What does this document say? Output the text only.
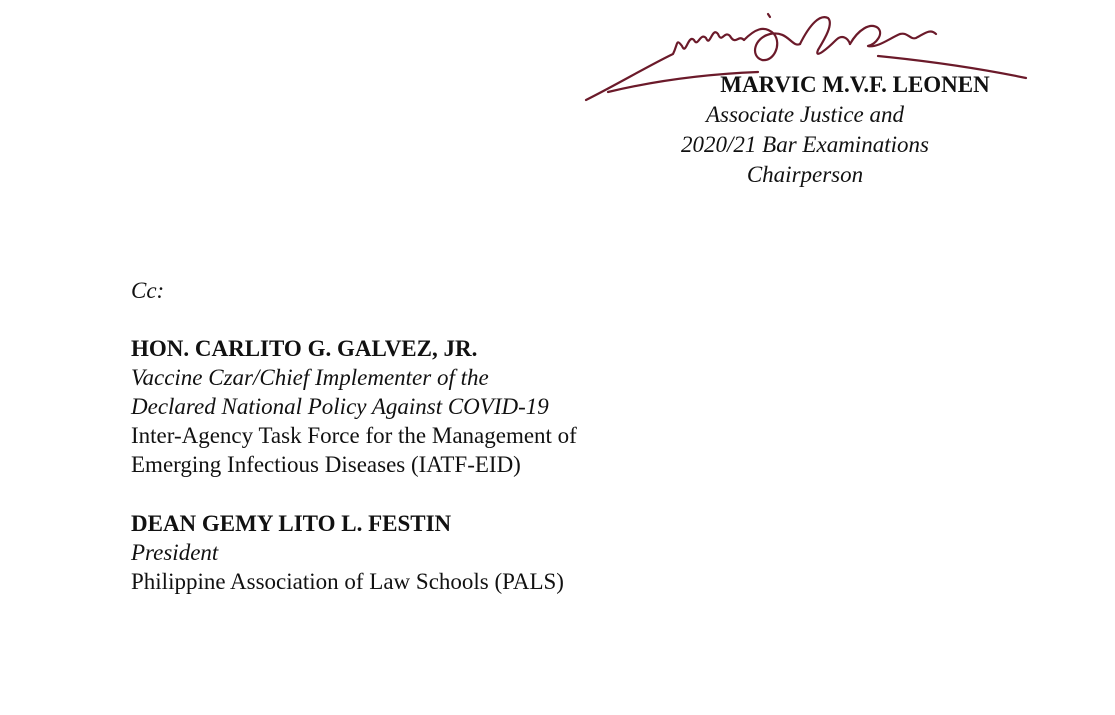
MARVIC M.V.F. LEONEN
Associate Justice and
2020/21 Bar Examinations
Chairperson
Cc:
HON. CARLITO G. GALVEZ, JR.
Vaccine Czar/Chief Implementer of the
Declared National Policy Against COVID-19
Inter-Agency Task Force for the Management of
Emerging Infectious Diseases (IATF-EID)
DEAN GEMY LITO L. FESTIN
President
Philippine Association of Law Schools (PALS)
